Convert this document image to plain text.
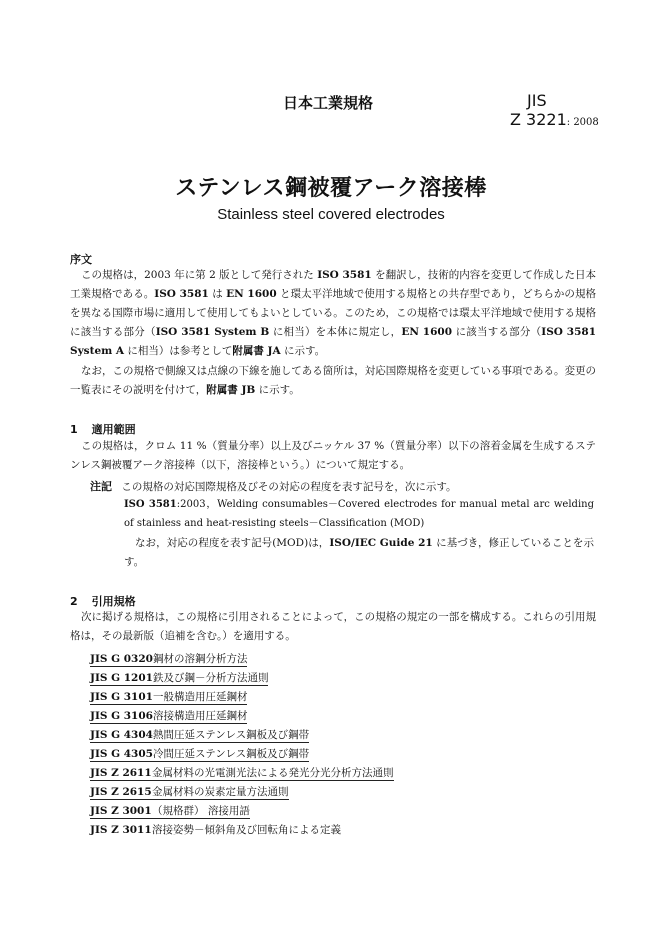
日本工業規格	JIS
Z 3221: 2008
ステンレス鋼被覆アーク溶接棒
Stainless steel covered electrodes
序文

この規格は，2003 年に第 2 版として発行された ISO 3581 を翻訳し，技術的内容を変更して作成した日本工業規格である。ISO 3581 は EN 1600 と環太平洋地域で使用する規格との共存型であり，どちらかの規格を異なる国際市場に適用して使用してもよいとしている。このため，この規格では環太平洋地域で使用する規格に該当する部分（ISO 3581 System B に相当）を本体に規定し，EN 1600 に該当する部分（ISO 3581 System A に相当）は参考として附属書 JA に示す。

なお，この規格で側線又は点線の下線を施してある箇所は，対応国際規格を変更している事項である。変更の一覧表にその説明を付けて，附属書 JB に示す。

1 適用範囲
この規格は，クロム 11 %（質量分率）以上及びニッケル 37 %（質量分率）以下の溶着金属を生成するステンレス鋼被覆アーク溶接棒（以下，溶接棒という。）について規定する。
注記 この規格の対応国際規格及びその対応の程度を表す記号を，次に示す。

ISO 3581:2003，Welding consumables－Covered electrodes for manual metal arc welding of stainless and heat-resisting steels－Classification (MOD)

なお，対応の程度を表す記号(MOD)は，ISO/IEC Guide 21 に基づき，修正していることを示す。

2 引用規格
次に掲げる規格は，この規格に引用されることによって，この規格の規定の一部を構成する。これらの引用規格は，その最新版（追補を含む。）を適用する。
JIS G 0320鋼材の溶鋼分析方法
JIS G 1201鉄及び鋼－分析方法通則
JIS G 3101一般構造用圧延鋼材
JIS G 3106溶接構造用圧延鋼材
JIS G 4304熱間圧延ステンレス鋼板及び鋼帯
JIS G 4305冷間圧延ステンレス鋼板及び鋼帯
JIS Z 2611金属材料の光電測光法による発光分光分析方法通則
JIS Z 2615金属材料の炭素定量方法通則
JIS Z 3001（規格群） 溶接用語
JIS Z 3011溶接姿勢－傾斜角及び回転角による定義
